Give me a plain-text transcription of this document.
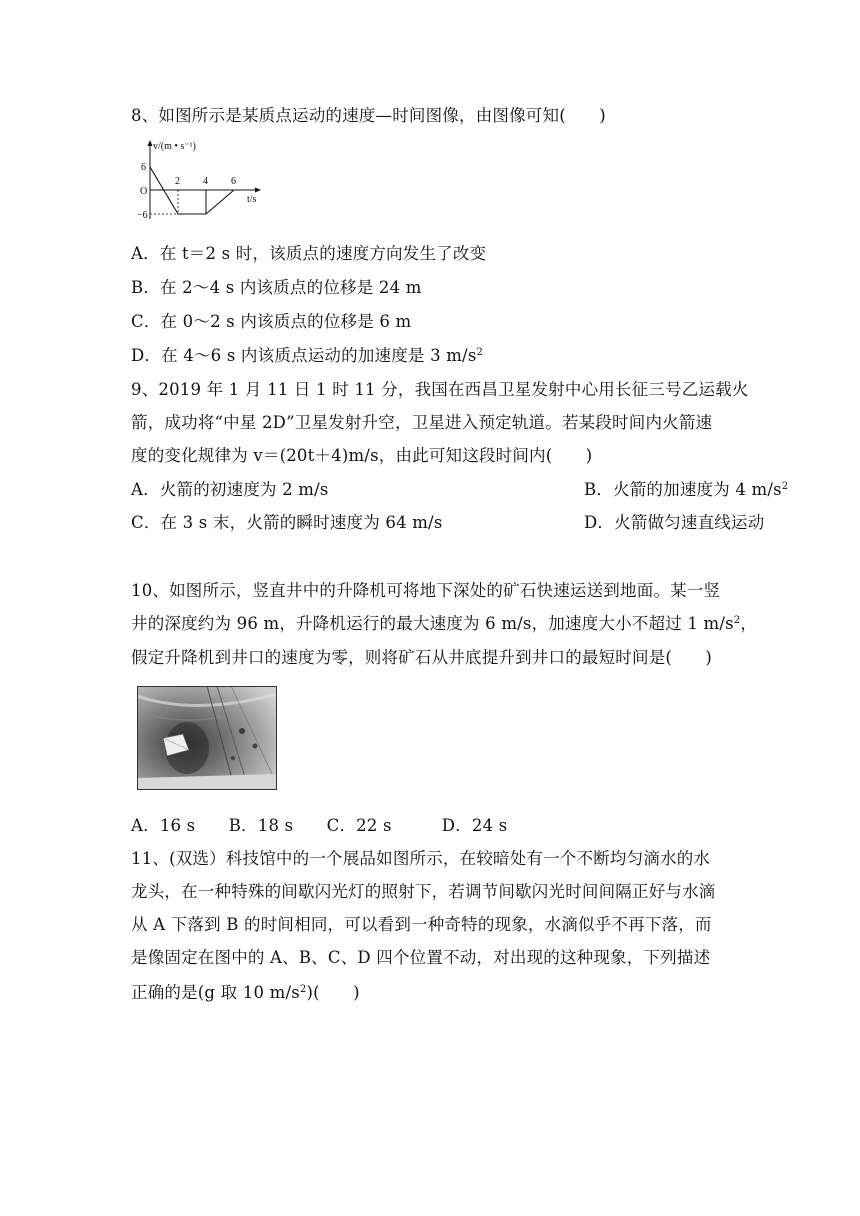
8、如图所示是某质点运动的速度—时间图像，由图像可知(　　)
v/(m • s⁻¹)
6
O
−6
2 4 6
t/s
A．在 t＝2 s 时，该质点的速度方向发生了改变
B．在 2～4 s 内该质点的位移是 24 m
C．在 0～2 s 内该质点的位移是 6 m
D．在 4～6 s 内该质点运动的加速度是 3 $m/s^2$
9、2019 年 1 月 11 日 1 时 11 分，我国在西昌卫星发射中心用长征三号乙运载火
箭，成功将“中星 2D”卫星发射升空，卫星进入预定轨道。若某段时间内火箭速
度的变化规律为 v＝(20t＋4)m/s，由此可知这段时间内(　　)
A．火箭的初速度为 2 m/s	B．火箭的加速度为 4 $m/s^2$
C．在 3 s 末，火箭的瞬时速度为 64 m/s	D．火箭做匀速直线运动
10、如图所示，竖直井中的升降机可将地下深处的矿石快速运送到地面。某一竖
井的深度约为 96 m，升降机运行的最大速度为 6 m/s，加速度大小不超过 1 $m/s^2$，
假定升降机到井口的速度为零，则将矿石从井底提升到井口的最短时间是(　　)
A．16 s　　B．18 s　　C．22 s　　　D．24 s
11、(双选）科技馆中的一个展品如图所示，在较暗处有一个不断均匀滴水的水
龙头，在一种特殊的间歇闪光灯的照射下，若调节间歇闪光时间间隔正好与水滴
从 A 下落到 B 的时间相同，可以看到一种奇特的现象，水滴似乎不再下落，而
是像固定在图中的 A、B、C、D 四个位置不动，对出现的这种现象，下列描述
正确的是(g 取 10 $m/s^2$)(　　)
